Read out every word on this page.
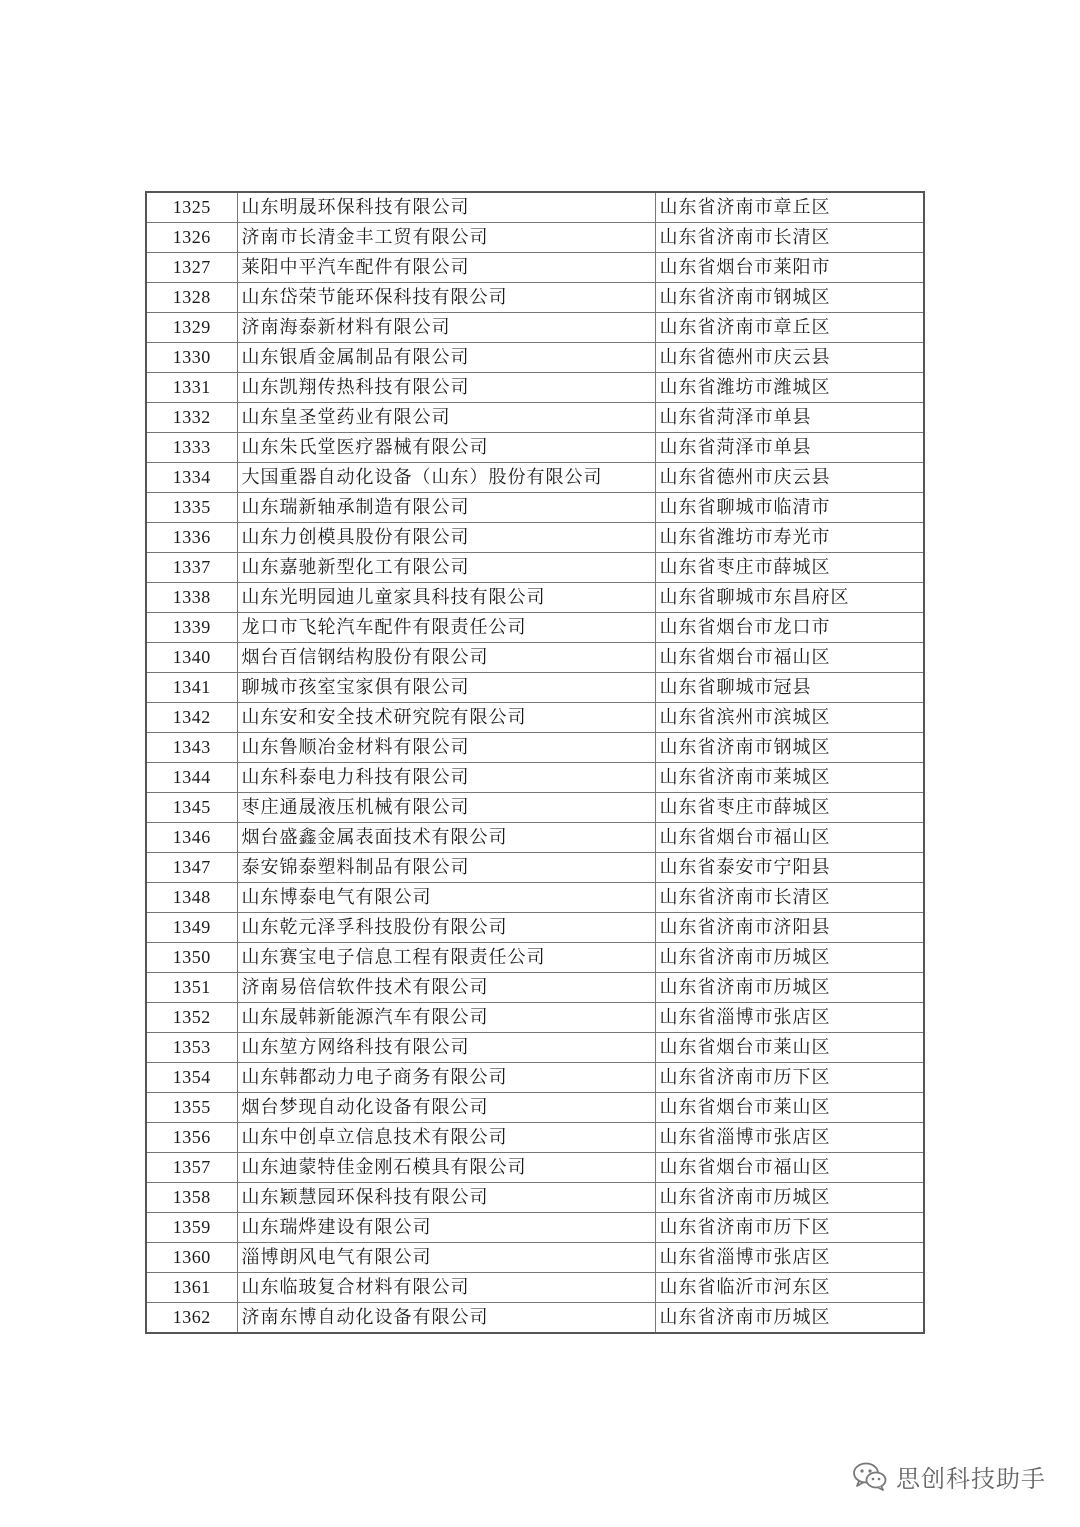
1325	山东明晟环保科技有限公司	山东省济南市章丘区
1326	济南市长清金丰工贸有限公司	山东省济南市长清区
1327	莱阳中平汽车配件有限公司	山东省烟台市莱阳市
1328	山东岱荣节能环保科技有限公司	山东省济南市钢城区
1329	济南海泰新材料有限公司	山东省济南市章丘区
1330	山东银盾金属制品有限公司	山东省德州市庆云县
1331	山东凯翔传热科技有限公司	山东省潍坊市潍城区
1332	山东皇圣堂药业有限公司	山东省菏泽市单县
1333	山东朱氏堂医疗器械有限公司	山东省菏泽市单县
1334	大国重器自动化设备（山东）股份有限公司	山东省德州市庆云县
1335	山东瑞新轴承制造有限公司	山东省聊城市临清市
1336	山东力创模具股份有限公司	山东省潍坊市寿光市
1337	山东嘉驰新型化工有限公司	山东省枣庄市薛城区
1338	山东光明园迪儿童家具科技有限公司	山东省聊城市东昌府区
1339	龙口市飞轮汽车配件有限责任公司	山东省烟台市龙口市
1340	烟台百信钢结构股份有限公司	山东省烟台市福山区
1341	聊城市孩室宝家俱有限公司	山东省聊城市冠县
1342	山东安和安全技术研究院有限公司	山东省滨州市滨城区
1343	山东鲁顺冶金材料有限公司	山东省济南市钢城区
1344	山东科泰电力科技有限公司	山东省济南市莱城区
1345	枣庄通晟液压机械有限公司	山东省枣庄市薛城区
1346	烟台盛鑫金属表面技术有限公司	山东省烟台市福山区
1347	泰安锦泰塑料制品有限公司	山东省泰安市宁阳县
1348	山东博泰电气有限公司	山东省济南市长清区
1349	山东乾元泽孚科技股份有限公司	山东省济南市济阳县
1350	山东赛宝电子信息工程有限责任公司	山东省济南市历城区
1351	济南易倍信软件技术有限公司	山东省济南市历城区
1352	山东晟韩新能源汽车有限公司	山东省淄博市张店区
1353	山东堃方网络科技有限公司	山东省烟台市莱山区
1354	山东韩都动力电子商务有限公司	山东省济南市历下区
1355	烟台梦现自动化设备有限公司	山东省烟台市莱山区
1356	山东中创卓立信息技术有限公司	山东省淄博市张店区
1357	山东迪蒙特佳金刚石模具有限公司	山东省烟台市福山区
1358	山东颖慧园环保科技有限公司	山东省济南市历城区
1359	山东瑞烨建设有限公司	山东省济南市历下区
1360	淄博朗风电气有限公司	山东省淄博市张店区
1361	山东临玻复合材料有限公司	山东省临沂市河东区
1362	济南东博自动化设备有限公司	山东省济南市历城区
思创科技助手
